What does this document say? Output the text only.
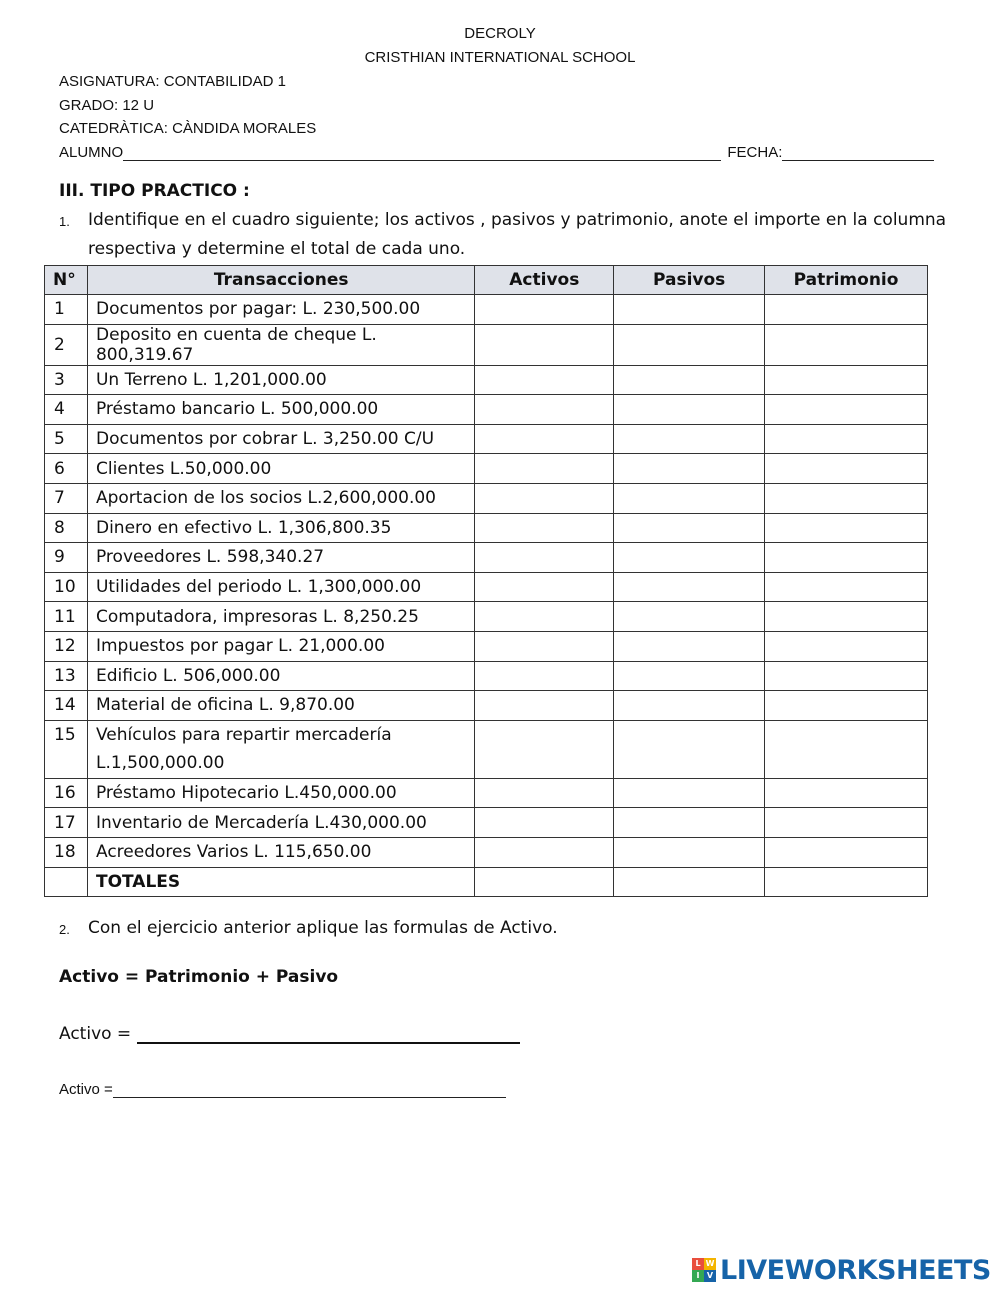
DECROLY
CRISTHIAN INTERNATIONAL SCHOOL
ASIGNATURA: CONTABILIDAD 1
GRADO: 12 U
CATEDRÀTICA: CÀNDIDA MORALES
ALUMNO	FECHA:
III. TIPO PRACTICO :
1. Identifique en el cuadro siguiente; los activos , pasivos y patrimonio, anote el importe en la columna
respectiva y determine el total de cada uno.
N°	Transacciones	Activos	Pasivos	Patrimonio
1	Documentos por pagar: L. 230,500.00			
2	Deposito en cuenta de cheque L. 800,319.67			
3	Un Terreno L. 1,201,000.00			
4	Préstamo bancario L. 500,000.00			
5	Documentos por cobrar L. 3,250.00 C/U			
6	Clientes L.50,000.00			
7	Aportacion de los socios L.2,600,000.00			
8	Dinero en efectivo L. 1,306,800.35			
9	Proveedores L. 598,340.27			
10	Utilidades del periodo L. 1,300,000.00			
11	Computadora, impresoras L. 8,250.25			
12	Impuestos por pagar L. 21,000.00			
13	Edificio L. 506,000.00			
14	Material de oficina L. 9,870.00			
15	Vehículos para repartir mercadería
L.1,500,000.00			
16	Préstamo Hipotecario L.450,000.00			
17	Inventario de Mercadería L.430,000.00			
18	Acreedores Varios L. 115,650.00			
	TOTALES			
2. Con el ejercicio anterior aplique las formulas de Activo.
Activo = Patrimonio + Pasivo
Activo =
Activo =
L W
I V LIVEWORKSHEETS
